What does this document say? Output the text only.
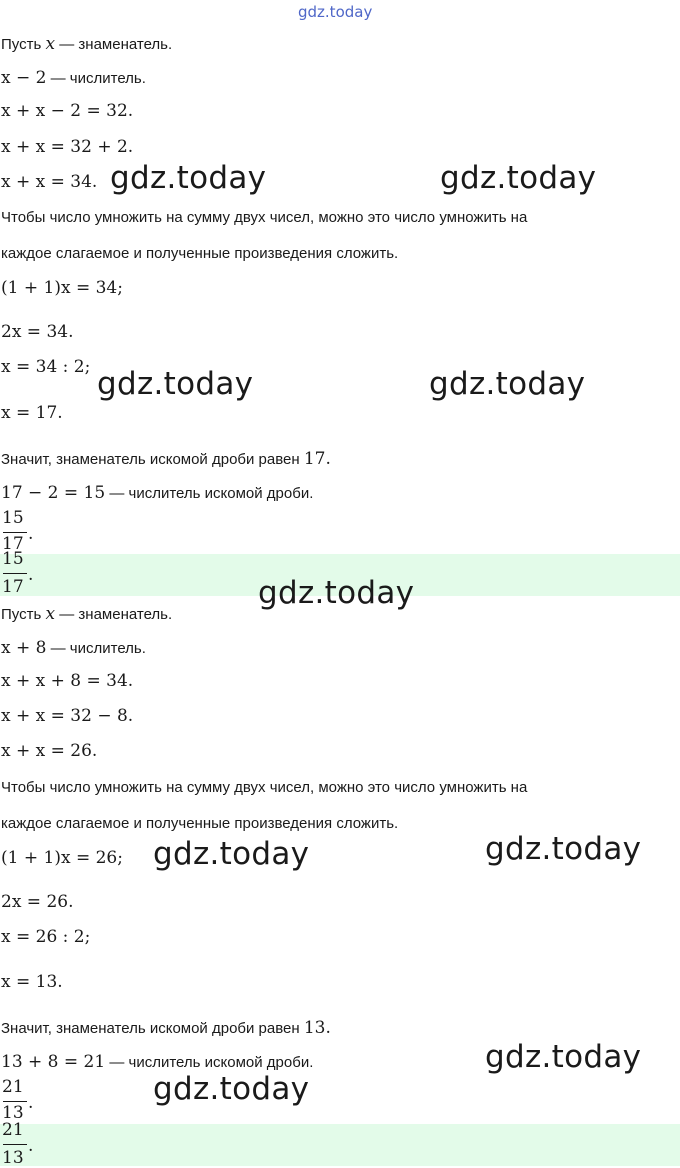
gdz.today
Пусть x — знаменатель.
x − 2 — числитель.
x + x − 2 = 32.
x + x = 32 + 2.
x + x = 34.
Чтобы число умножить на сумму двух чисел, можно это число умножить на
каждое слагаемое и полученные произведения сложить.
(1 + 1)x = 34;
2x = 34.
x = 34 : 2;
x = 17.
Значит, знаменатель искомой дроби равен 17.
17 − 2 = 15 — числитель искомой дроби.
15
17 .
15
17
.
Пусть x — знаменатель.
x + 8 — числитель.
x + x + 8 = 34.
x + x = 32 − 8.
x + x = 26.
Чтобы число умножить на сумму двух чисел, можно это число умножить на
каждое слагаемое и полученные произведения сложить.
(1 + 1)x = 26;
2x = 26.
x = 26 : 2;
x = 13.
Значит, знаменатель искомой дроби равен 13.
13 + 8 = 21 — числитель искомой дроби.
21
13 .
21
13
.
gdz.today	gdz.today
gdz.today	gdz.today
gdz.today
gdz.today	gdz.today
gdz.today
gdz.today
